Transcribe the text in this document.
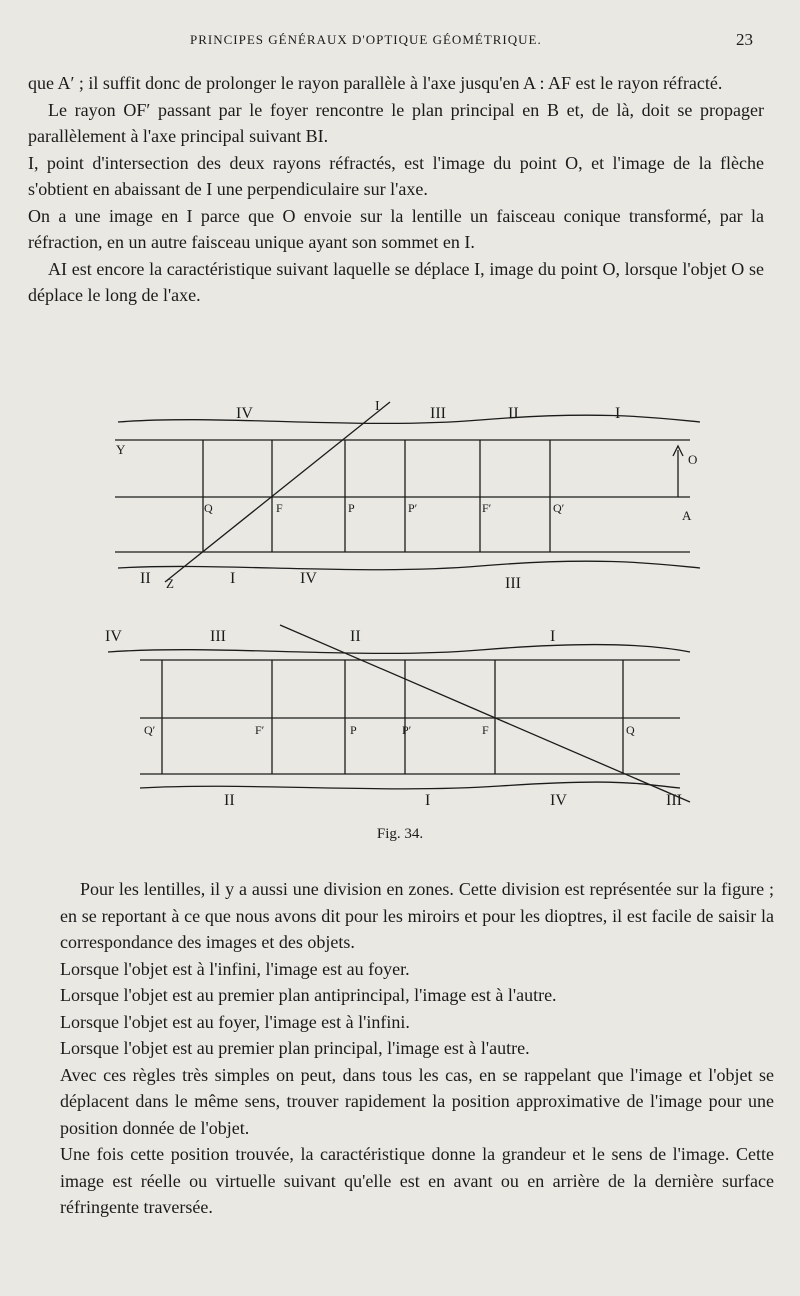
PRINCIPES GÉNÉRAUX D'OPTIQUE GÉOMÉTRIQUE.	23

que A′ ; il suffit donc de prolonger le rayon parallèle à l'axe jusqu'en A : AF est le rayon réfracté.

Le rayon OF′ passant par le foyer rencontre le plan principal en B et, de là, doit se propager parallèlement à l'axe principal suivant BI.

I, point d'intersection des deux rayons réfractés, est l'image du point O, et l'image de la flèche s'obtient en abaissant de I une perpendiculaire sur l'axe.

On a une image en I parce que O envoie sur la lentille un faisceau conique transformé, par la réfraction, en un autre faisceau unique ayant son sommet en I.

AI est encore la caractéristique suivant laquelle se déplace I, image du point O, lorsque l'objet O se déplace le long de l'axe.

IV	III	II	I
Y
I
Z
O
A
Q	F	P	P′	F′	Q′
II	I	IV	III
IV	III	II	I
Q′	F′	P	P′	F	Q
II	I	IV	III
Fig. 34.

Pour les lentilles, il y a aussi une division en zones. Cette division est représentée sur la figure ; en se reportant à ce que nous avons dit pour les miroirs et pour les dioptres, il est facile de saisir la correspondance des images et des objets.

Lorsque l'objet est à l'infini, l'image est au foyer.

Lorsque l'objet est au premier plan antiprincipal, l'image est à l'autre.

Lorsque l'objet est au foyer, l'image est à l'infini.

Lorsque l'objet est au premier plan principal, l'image est à l'autre.

Avec ces règles très simples on peut, dans tous les cas, en se rappelant que l'image et l'objet se déplacent dans le même sens, trouver rapidement la position approximative de l'image pour une position donnée de l'objet.

Une fois cette position trouvée, la caractéristique donne la grandeur et le sens de l'image. Cette image est réelle ou virtuelle suivant qu'elle est en avant ou en arrière de la dernière surface réfringente traversée.
